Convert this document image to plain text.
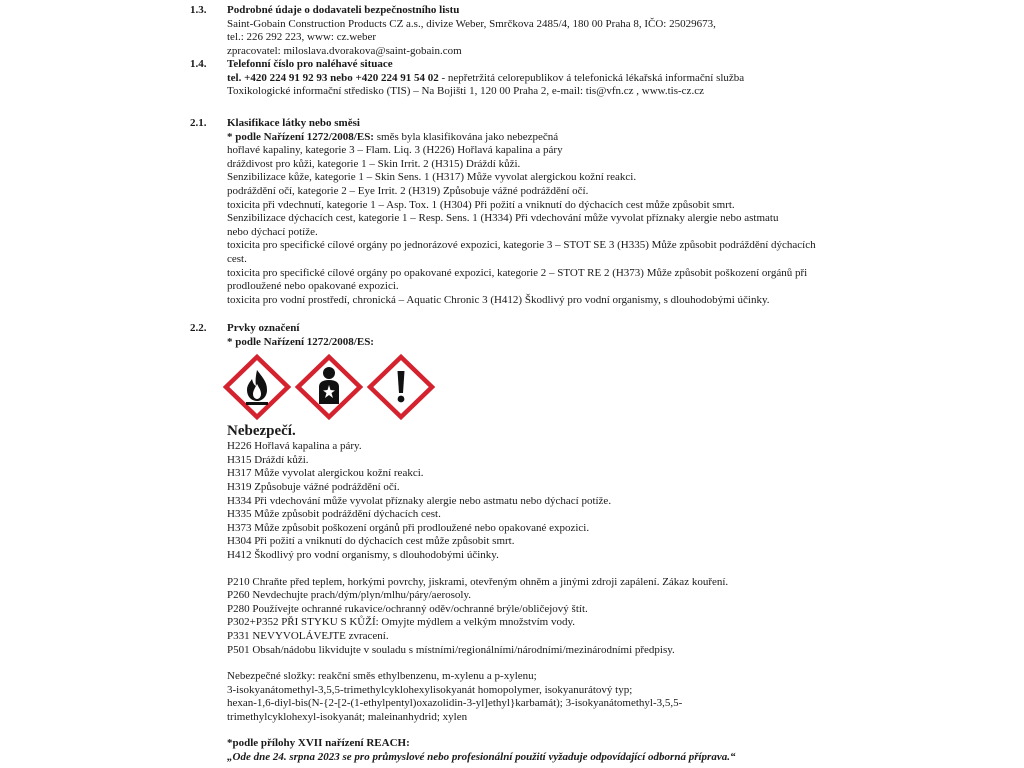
1.3. Podrobné údaje o dodavateli bezpečnostního listu
Saint-Gobain Construction Products CZ a.s., divize Weber, Smrčkova 2485/4, 180 00 Praha 8, IČO: 25029673,
tel.: 226 292 223, www: cz.weber
zpracovatel: miloslava.dvorakova@saint-gobain.com
1.4. Telefonní číslo pro naléhavé situace
tel. +420 224 91 92 93 nebo +420 224 91 54 02 - nepřetržitá celorepublikov á telefonická lékařská informační služba
Toxikologické informační středisko (TIS) – Na Bojišti 1, 120 00 Praha 2, e-mail: tis@vfn.cz , www.tis-cz.cz
2.1. Klasifikace látky nebo směsi
* podle Nařízení 1272/2008/ES: směs byla klasifikována jako nebezpečná
hořlavé kapaliny, kategorie 3 – Flam. Liq. 3 (H226) Hořlavá kapalina a páry
dráždivost pro kůži, kategorie 1 – Skin Irrit. 2 (H315) Dráždí kůži.
Senzibilizace kůže, kategorie 1 – Skin Sens. 1 (H317) Může vyvolat alergickou kožní reakci.
podráždění očí, kategorie 2 – Eye Irrit. 2 (H319) Způsobuje vážné podráždění očí.
toxicita při vdechnutí, kategorie 1 – Asp. Tox. 1 (H304) Při požití a vniknutí do dýchacích cest může způsobit smrt.
Senzibilizace dýchacích cest, kategorie 1 – Resp. Sens. 1 (H334) Při vdechování může vyvolat příznaky alergie nebo astmatu nebo dýchací potíže.
toxicita pro specifické cílové orgány po jednorázové expozici, kategorie 3 – STOT SE 3 (H335) Může způsobit podráždění dýchacích cest.
toxicita pro specifické cílové orgány po opakované expozici, kategorie 2 – STOT RE 2 (H373) Může způsobit poškození orgánů při prodloužené nebo opakované expozici.
toxicita pro vodní prostředí, chronická – Aquatic Chronic 3 (H412) Škodlivý pro vodní organismy, s dlouhodobými účinky.
2.2. Prvky označení
* podle Nařízení 1272/2008/ES:
Nebezpečí.
H226 Hořlavá kapalina a páry.
H315 Dráždí kůži.
H317 Může vyvolat alergickou kožní reakci.
H319 Způsobuje vážné podráždění očí.
H334 Při vdechování může vyvolat příznaky alergie nebo astmatu nebo dýchací potíže.
H335 Může způsobit podráždění dýchacích cest.
H373 Může způsobit poškození orgánů při prodloužené nebo opakované expozici.
H304 Při požití a vniknutí do dýchacích cest může způsobit smrt.
H412 Škodlivý pro vodní organismy, s dlouhodobými účinky.
P210 Chraňte před teplem, horkými povrchy, jiskrami, otevřeným ohněm a jinými zdroji zapálení. Zákaz kouření.
P260 Nevdechujte prach/dým/plyn/mlhu/páry/aerosoly.
P280 Používejte ochranné rukavice/ochranný oděv/ochranné brýle/obličejový štít.
P302+P352 PŘI STYKU S KŮŽÍ: Omyjte mýdlem a velkým množstvím vody.
P331 NEVYVOLÁVEJTE zvracení.
P501 Obsah/nádobu likvidujte v souladu s místními/regionálními/národními/mezinárodními předpisy.
Nebezpečné složky: reakční směs ethylbenzenu, m-xylenu a p-xylenu;
3-isokyanátomethyl-3,5,5-trimethylcyklohexylisokyanát homopolymer, isokyanurátový typ;
hexan-1,6-diyl-bis(N-{2-[2-(1-ethylpentyl)oxazolidin-3-yl]ethyl}karbamát); 3-isokyanátomethyl-3,5,5-
trimethylcyklohexyl-isokyanát; maleinanhydrid; xylen
*podle přílohy XVII nařízení REACH:
„Ode dne 24. srpna 2023 se pro průmyslové nebo profesionální použití vyžaduje odpovídající odborná příprava.“
